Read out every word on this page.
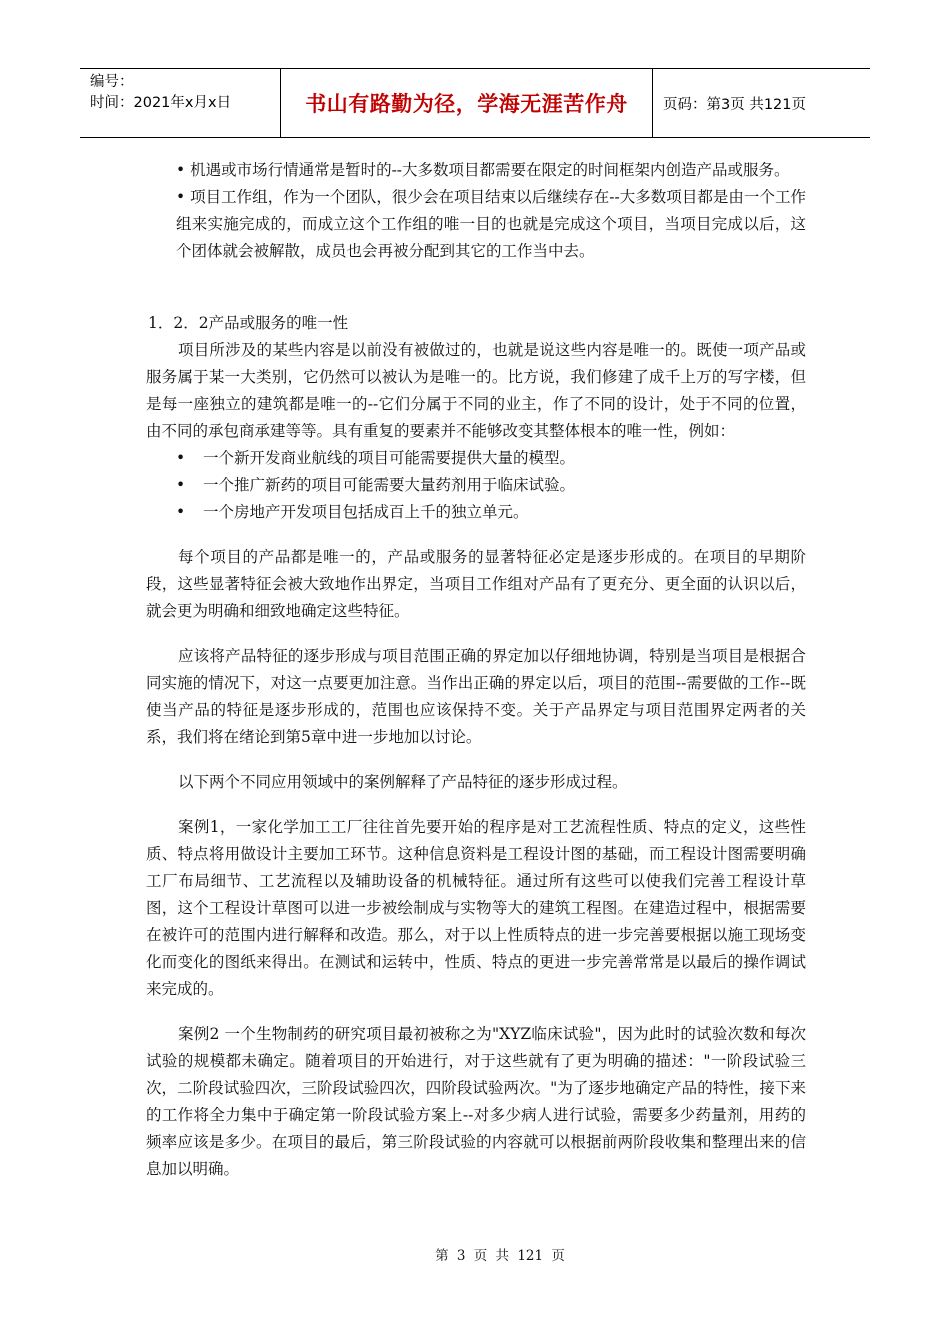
编号：
时间：2021年x月x日	书山有路勤为径，学海无涯苦作舟	页码：第3页 共121页

• 机遇或市场行情通常是暂时的--大多数项目都需要在限定的时间框架内创造产品或服务。

• 项目工作组，作为一个团队，很少会在项目结束以后继续存在--大多数项目都是由一个工作组来实施完成的，而成立这个工作组的唯一目的也就是完成这个项目，当项目完成以后，这个团体就会被解散，成员也会再被分配到其它的工作当中去。

1．2．2产品或服务的唯一性

项目所涉及的某些内容是以前没有被做过的，也就是说这些内容是唯一的。既使一项产品或服务属于某一大类别，它仍然可以被认为是唯一的。比方说，我们修建了成千上万的写字楼，但是每一座独立的建筑都是唯一的--它们分属于不同的业主，作了不同的设计，处于不同的位置，由不同的承包商承建等等。具有重复的要素并不能够改变其整体根本的唯一性，例如：

•	一个新开发商业航线的项目可能需要提供大量的模型。
•	一个推广新药的项目可能需要大量药剂用于临床试验。
•	一个房地产开发项目包括成百上千的独立单元。

每个项目的产品都是唯一的，产品或服务的显著特征必定是逐步形成的。在项目的早期阶段，这些显著特征会被大致地作出界定，当项目工作组对产品有了更充分、更全面的认识以后，就会更为明确和细致地确定这些特征。

应该将产品特征的逐步形成与项目范围正确的界定加以仔细地协调，特别是当项目是根据合同实施的情况下，对这一点要更加注意。当作出正确的界定以后，项目的范围--需要做的工作--既使当产品的特征是逐步形成的，范围也应该保持不变。关于产品界定与项目范围界定两者的关系，我们将在绪论到第5章中进一步地加以讨论。

以下两个不同应用领域中的案例解释了产品特征的逐步形成过程。

案例1，一家化学加工工厂往往首先要开始的程序是对工艺流程性质、特点的定义，这些性质、特点将用做设计主要加工环节。这种信息资料是工程设计图的基础，而工程设计图需要明确工厂布局细节、工艺流程以及辅助设备的机械特征。通过所有这些可以使我们完善工程设计草图，这个工程设计草图可以进一步被绘制成与实物等大的建筑工程图。在建造过程中，根据需要在被许可的范围内进行解释和改造。那么，对于以上性质特点的进一步完善要根据以施工现场变化而变化的图纸来得出。在测试和运转中，性质、特点的更进一步完善常常是以最后的操作调试来完成的。

案例2 一个生物制药的研究项目最初被称之为"XYZ临床试验"，因为此时的试验次数和每次试验的规模都未确定。随着项目的开始进行，对于这些就有了更为明确的描述："一阶段试验三次，二阶段试验四次，三阶段试验四次，四阶段试验两次。"为了逐步地确定产品的特性，接下来的工作将全力集中于确定第一阶段试验方案上--对多少病人进行试验，需要多少药量剂，用药的频率应该是多少。在项目的最后，第三阶段试验的内容就可以根据前两阶段收集和整理出来的信息加以明确。

第 3 页 共 121 页
